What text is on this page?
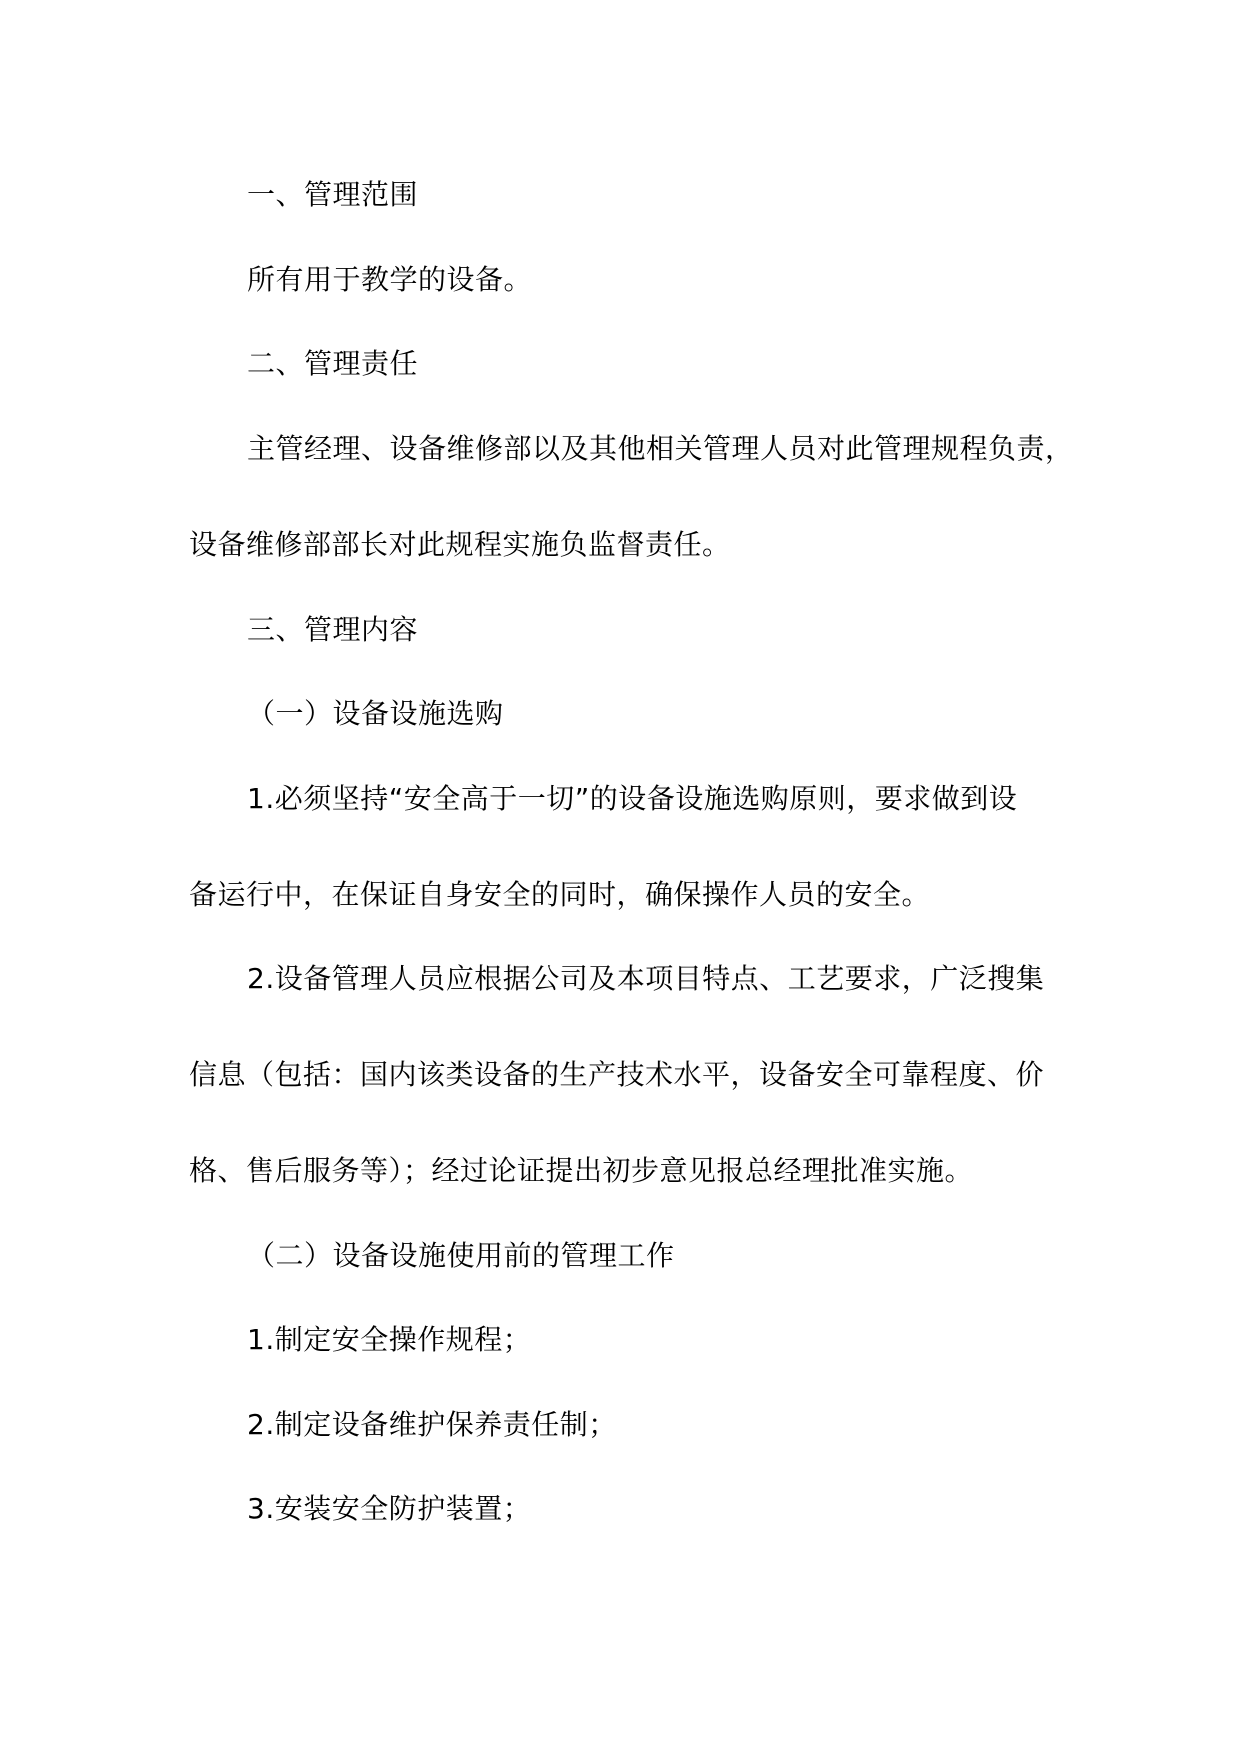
一、管理范围
所有用于教学的设备。
二、管理责任
主管经理、设备维修部以及其他相关管理人员对此管理规程负责，
设备维修部部长对此规程实施负监督责任。
三、管理内容
（一）设备设施选购
1.必须坚持“安全高于一切”的设备设施选购原则，要求做到设
备运行中，在保证自身安全的同时，确保操作人员的安全。
2.设备管理人员应根据公司及本项目特点、工艺要求，广泛搜集
信息（包括：国内该类设备的生产技术水平，设备安全可靠程度、价
格、售后服务等）；经过论证提出初步意见报总经理批准实施。
（二）设备设施使用前的管理工作
1.制定安全操作规程；
2.制定设备维护保养责任制；
3.安装安全防护装置；
